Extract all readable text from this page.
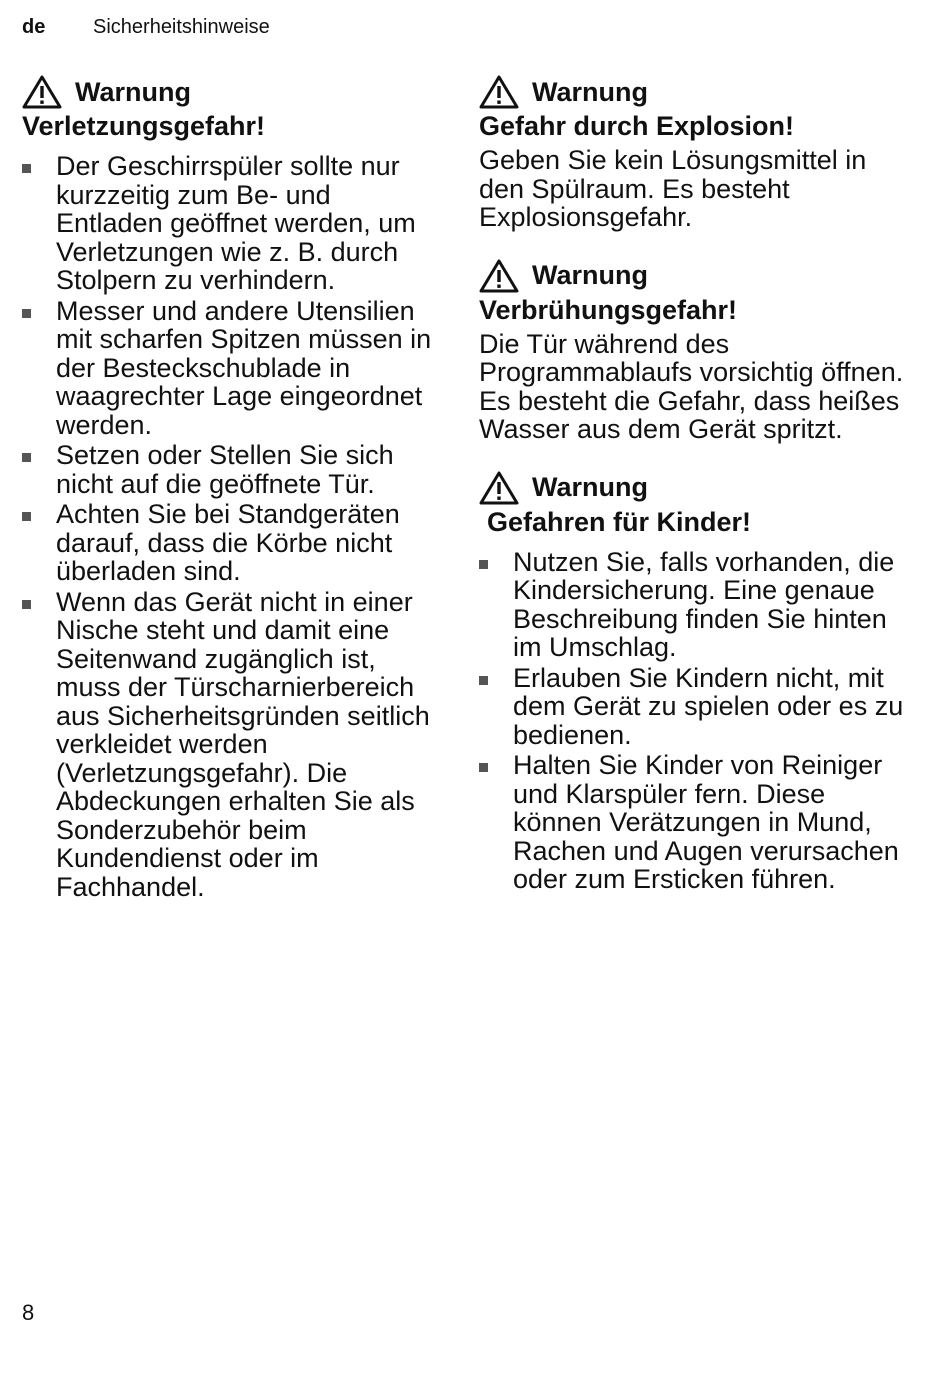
de Sicherheitshinweise
Warnung
Verletzungsgefahr!
Der Geschirrspüler sollte nur kurzzeitig zum Be- und Entladen geöffnet werden, um Verletzungen wie z. B. durch Stolpern zu verhindern.
Messer und andere Utensilien mit scharfen Spitzen müssen in der Besteckschublade in waagrechter Lage eingeordnet werden.
Setzen oder Stellen Sie sich nicht auf die geöffnete Tür.
Achten Sie bei Standgeräten darauf, dass die Körbe nicht überladen sind.
Wenn das Gerät nicht in einer Nische steht und damit eine Seitenwand zugänglich ist, muss der Türscharnierbereich aus Sicherheitsgründen seitlich verkleidet werden (Verletzungsgefahr). Die Abdeckungen erhalten Sie als Sonderzubehör beim Kundendienst oder im Fachhandel.
Warnung
Gefahr durch Explosion!

Geben Sie kein Lösungsmittel in den Spülraum. Es besteht Explosionsgefahr.

Warnung
Verbrühungsgefahr!

Die Tür während des Programmablaufs vorsichtig öffnen. Es besteht die Gefahr, dass heißes Wasser aus dem Gerät spritzt.

Warnung
Gefahren für Kinder!
Nutzen Sie, falls vorhanden, die Kindersicherung. Eine genaue Beschreibung finden Sie hinten im Umschlag.
Erlauben Sie Kindern nicht, mit dem Gerät zu spielen oder es zu bedienen.
Halten Sie Kinder von Reiniger und Klarspüler fern. Diese können Verätzungen in Mund, Rachen und Augen verursachen oder zum Ersticken führen.
8
